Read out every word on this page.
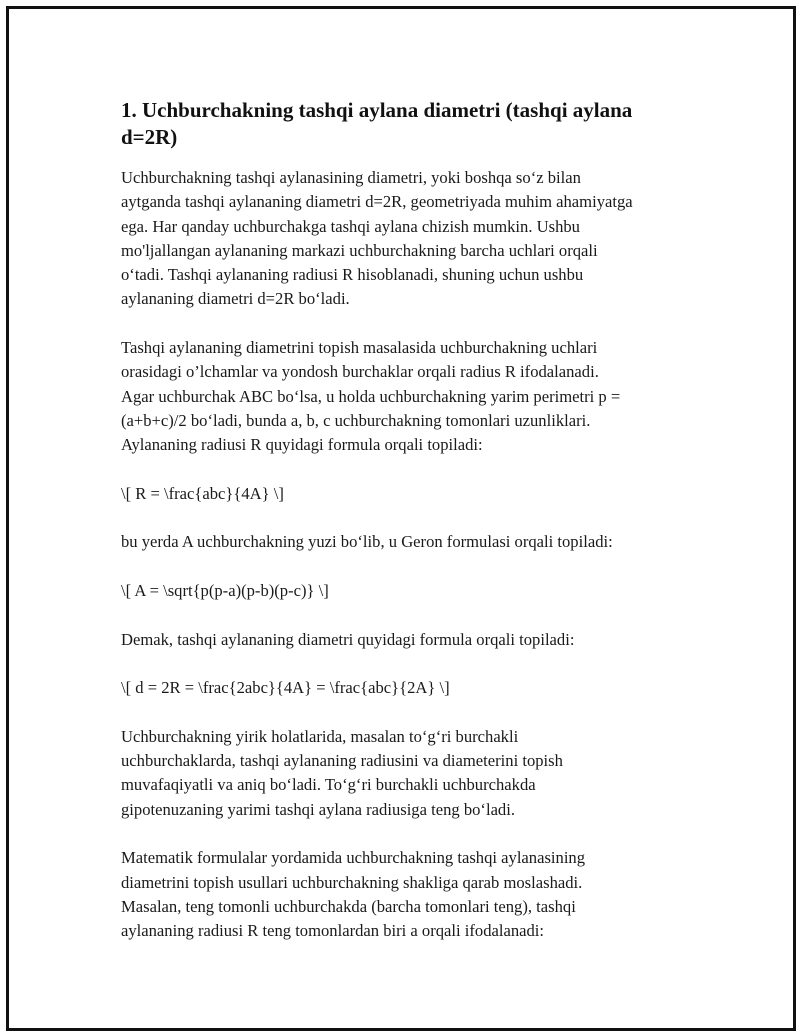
1. Uchburchakning tashqi aylana diametri (tashqi aylana
d=2R)
Uchburchakning tashqi aylanasining diametri, yoki boshqa so‘z bilan
aytganda tashqi aylananing diametri d=2R, geometriyada muhim ahamiyatga
ega. Har qanday uchburchakga tashqi aylana chizish mumkin. Ushbu
mo'ljallangan aylananing markazi uchburchakning barcha uchlari orqali
o‘tadi. Tashqi aylananing radiusi R hisoblanadi, shuning uchun ushbu
aylananing diametri d=2R bo‘ladi.
Tashqi aylananing diametrini topish masalasida uchburchakning uchlari
orasidagi o’lchamlar va yondosh burchaklar orqali radius R ifodalanadi.
Agar uchburchak ABC bo‘lsa, u holda uchburchakning yarim perimetri p =
(a+b+c)/2 bo‘ladi, bunda a, b, c uchburchakning tomonlari uzunliklari.
Aylananing radiusi R quyidagi formula orqali topiladi:
\[ R = \frac{abc}{4A} \]
bu yerda A uchburchakning yuzi bo‘lib, u Geron formulasi orqali topiladi:
\[ A = \sqrt{p(p-a)(p-b)(p-c)} \]
Demak, tashqi aylananing diametri quyidagi formula orqali topiladi:
\[ d = 2R = \frac{2abc}{4A} = \frac{abc}{2A} \]
Uchburchakning yirik holatlarida, masalan to‘g‘ri burchakli
uchburchaklarda, tashqi aylananing radiusini va diameterini topish
muvafaqiyatli va aniq bo‘ladi. To‘g‘ri burchakli uchburchakda
gipotenuzaning yarimi tashqi aylana radiusiga teng bo‘ladi.
Matematik formulalar yordamida uchburchakning tashqi aylanasining
diametrini topish usullari uchburchakning shakliga qarab moslashadi.
Masalan, teng tomonli uchburchakda (barcha tomonlari teng), tashqi
aylananing radiusi R teng tomonlardan biri a orqali ifodalanadi:
